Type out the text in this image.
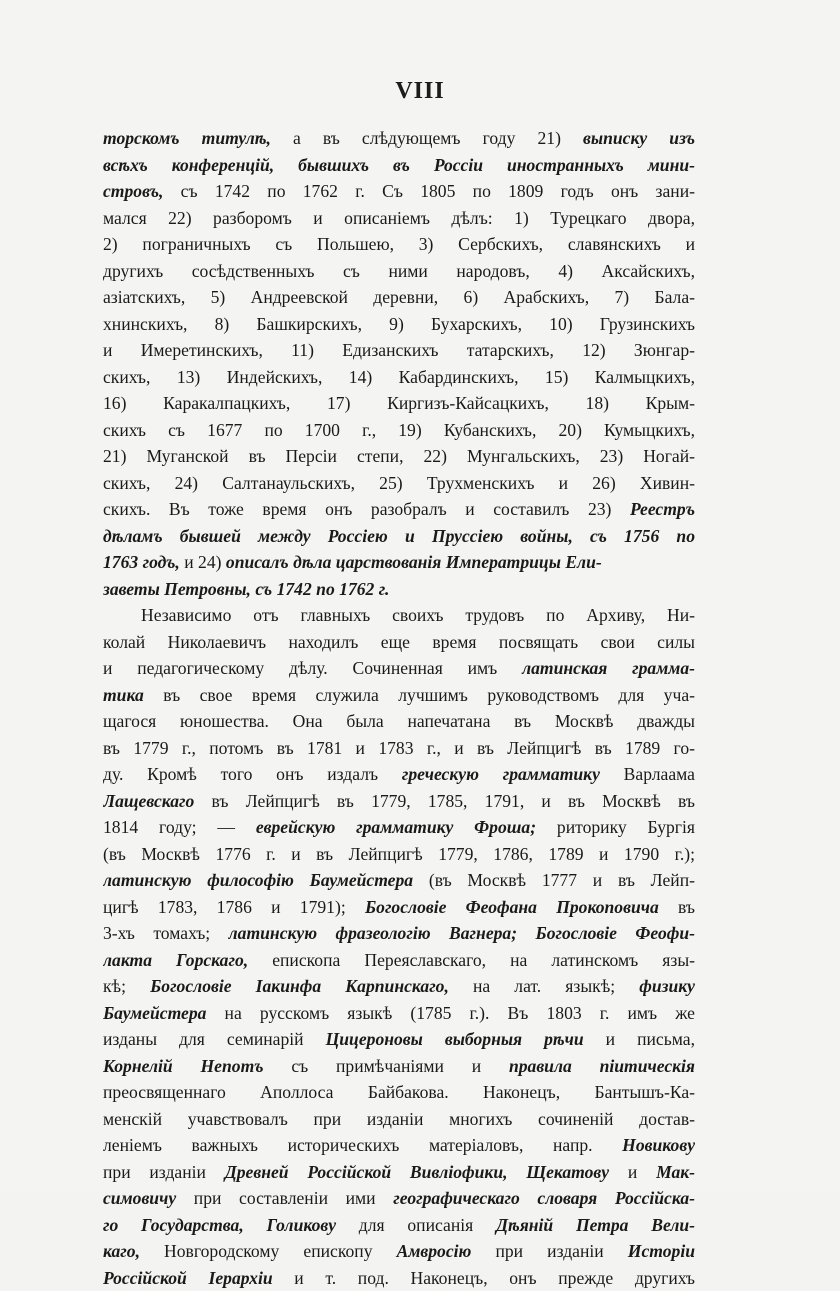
VIII
торскомъ титулѣ, а въ слѣдующемъ году 21) выписку изъ
всѣхъ конференцій, бывшихъ въ Россіи иностранныхъ мини-
стровъ, съ 1742 по 1762 г. Съ 1805 по 1809 годъ онъ зани-
мался 22) разборомъ и описаніемъ дѣлъ: 1) Турецкаго двора,
2) пограничныхъ съ Польшею, 3) Сербскихъ, славянскихъ и
другихъ сосѣдственныхъ съ ними народовъ, 4) Аксайскихъ,
азіатскихъ, 5) Андреевской деревни, 6) Арабскихъ, 7) Бала-
хнинскихъ, 8) Башкирскихъ, 9) Бухарскихъ, 10) Грузинскихъ
и Имеретинскихъ, 11) Едизанскихъ татарскихъ, 12) Зюнгар-
скихъ, 13) Индейскихъ, 14) Кабардинскихъ, 15) Калмыцкихъ,
16) Каракалпацкихъ, 17) Киргизъ-Кайсацкихъ, 18) Крым-
скихъ съ 1677 по 1700 г., 19) Кубанскихъ, 20) Кумыцкихъ,
21) Муганской въ Персіи степи, 22) Мунгальскихъ, 23) Ногай-
скихъ, 24) Салтанаульскихъ, 25) Трухменскихъ и 26) Хивин-
скихъ. Въ тоже время онъ разобралъ и составилъ 23) Реестръ
дѣламъ бывшей между Россіею и Пруссіею войны, съ 1756 по
1763 годъ, и 24) описалъ дѣла царствованія Императрицы Ели-
заветы Петровны, съ 1742 по 1762 г.
Независимо отъ главныхъ своихъ трудовъ по Архиву, Ни-
колай Николаевичъ находилъ еще время посвящать свои силы
и педагогическому дѣлу. Сочиненная имъ латинская грамма-
тика въ свое время служила лучшимъ руководствомъ для уча-
щагося юношества. Она была напечатана въ Москвѣ дважды
въ 1779 г., потомъ въ 1781 и 1783 г., и въ Лейпцигѣ въ 1789 го-
ду. Кромѣ того онъ издалъ греческую грамматику Варлаама
Лащевскаго въ Лейпцигѣ въ 1779, 1785, 1791, и въ Москвѣ въ
1814 году; — еврейскую грамматику Фроша; риторику Бургія
(въ Москвѣ 1776 г. и въ Лейпцигѣ 1779, 1786, 1789 и 1790 г.);
латинскую философію Баумейстера (въ Москвѣ 1777 и въ Лейп-
цигѣ 1783, 1786 и 1791); Богословіе Феофана Прокоповича въ
3-хъ томахъ; латинскую фразеологію Вагнера; Богословіе Феофи-
лакта Горскаго, епископа Переяславскаго, на латинскомъ язы-
кѣ; Богословіе Іакинфа Карпинскаго, на лат. языкѣ; физику
Баумейстера на русскомъ языкѣ (1785 г.). Въ 1803 г. имъ же
изданы для семинарій Цицероновы выборныя рѣчи и письма,
Корнелій Непотъ съ примѣчаніями и правила піитическія
преосвященнаго Аполлоса Байбакова. Наконецъ, Бантышъ-Ка-
менскій учавствовалъ при изданіи многихъ сочиненій достав-
леніемъ важныхъ историческихъ матеріаловъ, напр. Новикову
при изданіи Древней Россійской Вивліофики, Щекатову и Мак-
симовичу при составленіи ими географическаго словаря Россійска-
го Государства, Голикову для описанія Дѣяній Петра Вели-
каго, Новгородскому епископу Амвросію при изданіи Исторіи
Россійской Іерархіи и т. под. Наконецъ, онъ прежде другихъ
